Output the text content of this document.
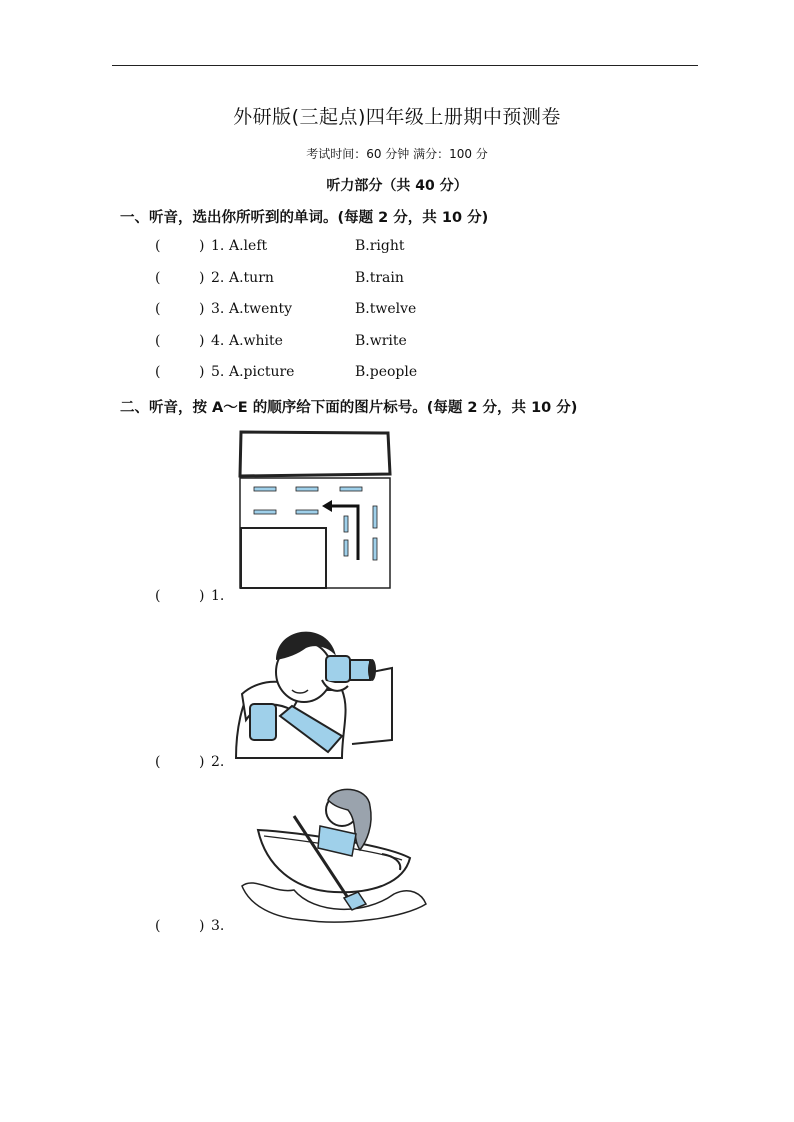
外研版(三起点)四年级上册期中预测卷
考试时间：60 分钟 满分：100 分
听力部分（共 40 分）
一、听音，选出你所听到的单词。(每题 2 分，共 10 分)
(	) 1. A.left	B.right
(	) 2. A.turn	B.train
(	) 3. A.twenty	B.twelve
(	) 4. A.white	B.write
(	) 5. A.picture	B.people
二、听音，按 A～E 的顺序给下面的图片标号。(每题 2 分，共 10 分)
(	) 1.
(	) 2.
(	) 3.
